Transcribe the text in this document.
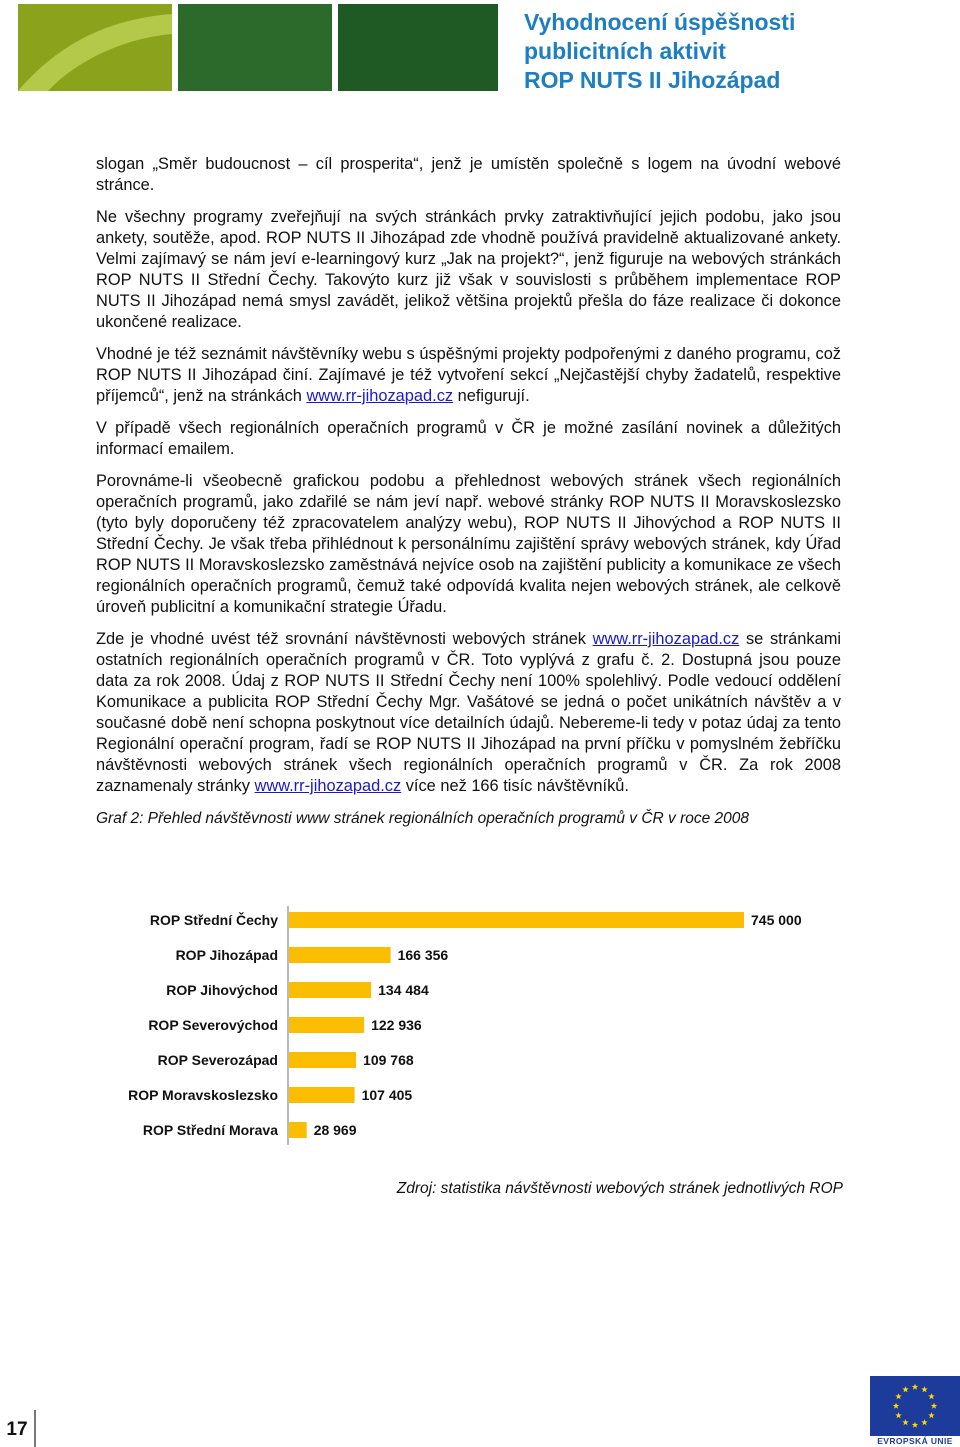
Vyhodnocení úspěšnosti
publicitních aktivit
ROP NUTS II Jihozápad

slogan „Směr budoucnost – cíl prosperita“, jenž je umístěn společně s logem na úvodní webové stránce.

Ne všechny programy zveřejňují na svých stránkách prvky zatraktivňující jejich podobu, jako jsou ankety, soutěže, apod. ROP NUTS II Jihozápad zde vhodně používá pravidelně aktualizované ankety. Velmi zajímavý se nám jeví e-learningový kurz „Jak na projekt?“, jenž figuruje na webových stránkách ROP NUTS II Střední Čechy. Takovýto kurz již však v souvislosti s průběhem implementace ROP NUTS II Jihozápad nemá smysl zavádět, jelikož většina projektů přešla do fáze realizace či dokonce ukončené realizace.

Vhodné je též seznámit návštěvníky webu s úspěšnými projekty podpořenými z daného programu, což ROP NUTS II Jihozápad činí. Zajímavé je též vytvoření sekcí „Nejčastější chyby žadatelů, respektive příjemců“, jenž na stránkách www.rr-jihozapad.cz nefigurují.

V případě všech regionálních operačních programů v ČR je možné zasílání novinek a důležitých informací emailem.

Porovnáme-li všeobecně grafickou podobu a přehlednost webových stránek všech regionálních operačních programů, jako zdařilé se nám jeví např. webové stránky ROP NUTS II Moravskoslezsko (tyto byly doporučeny též zpracovatelem analýzy webu), ROP NUTS II Jihovýchod a ROP NUTS II Střední Čechy. Je však třeba přihlédnout k personálnímu zajištění správy webových stránek, kdy Úřad ROP NUTS II Moravskoslezsko zaměstnává nejvíce osob na zajištění publicity a komunikace ze všech regionálních operačních programů, čemuž také odpovídá kvalita nejen webových stránek, ale celkově úroveň publicitní a komunikační strategie Úřadu.

Zde je vhodné uvést též srovnání návštěvnosti webových stránek www.rr-jihozapad.cz se stránkami ostatních regionálních operačních programů v ČR. Toto vyplývá z grafu č. 2. Dostupná jsou pouze data za rok 2008. Údaj z ROP NUTS II Střední Čechy není 100% spolehlivý. Podle vedoucí oddělení Komunikace a publicita ROP Střední Čechy Mgr. Vašátové se jedná o počet unikátních návštěv a v současné době není schopna poskytnout více detailních údajů. Nebereme-li tedy v potaz údaj za tento Regionální operační program, řadí se ROP NUTS II Jihozápad na první příčku v pomyslném žebříčku návštěvnosti webových stránek všech regionálních operačních programů v ČR. Za rok 2008 zaznamenaly stránky www.rr-jihozapad.cz více než 166 tisíc návštěvníků.

Graf 2: Přehled návštěvnosti www stránek regionálních operačních programů v ČR v roce 2008
ROP Střední Čechy	745 000
ROP Jihozápad	166 356
ROP Jihovýchod	134 484
ROP Severovýchod	122 936
ROP Severozápad	109 768
ROP Moravskoslezsko	107 405
ROP Střední Morava	28 969
Zdroj: statistika návštěvnosti webových stránek jednotlivých ROP
17
EVROPSKÁ UNIE
